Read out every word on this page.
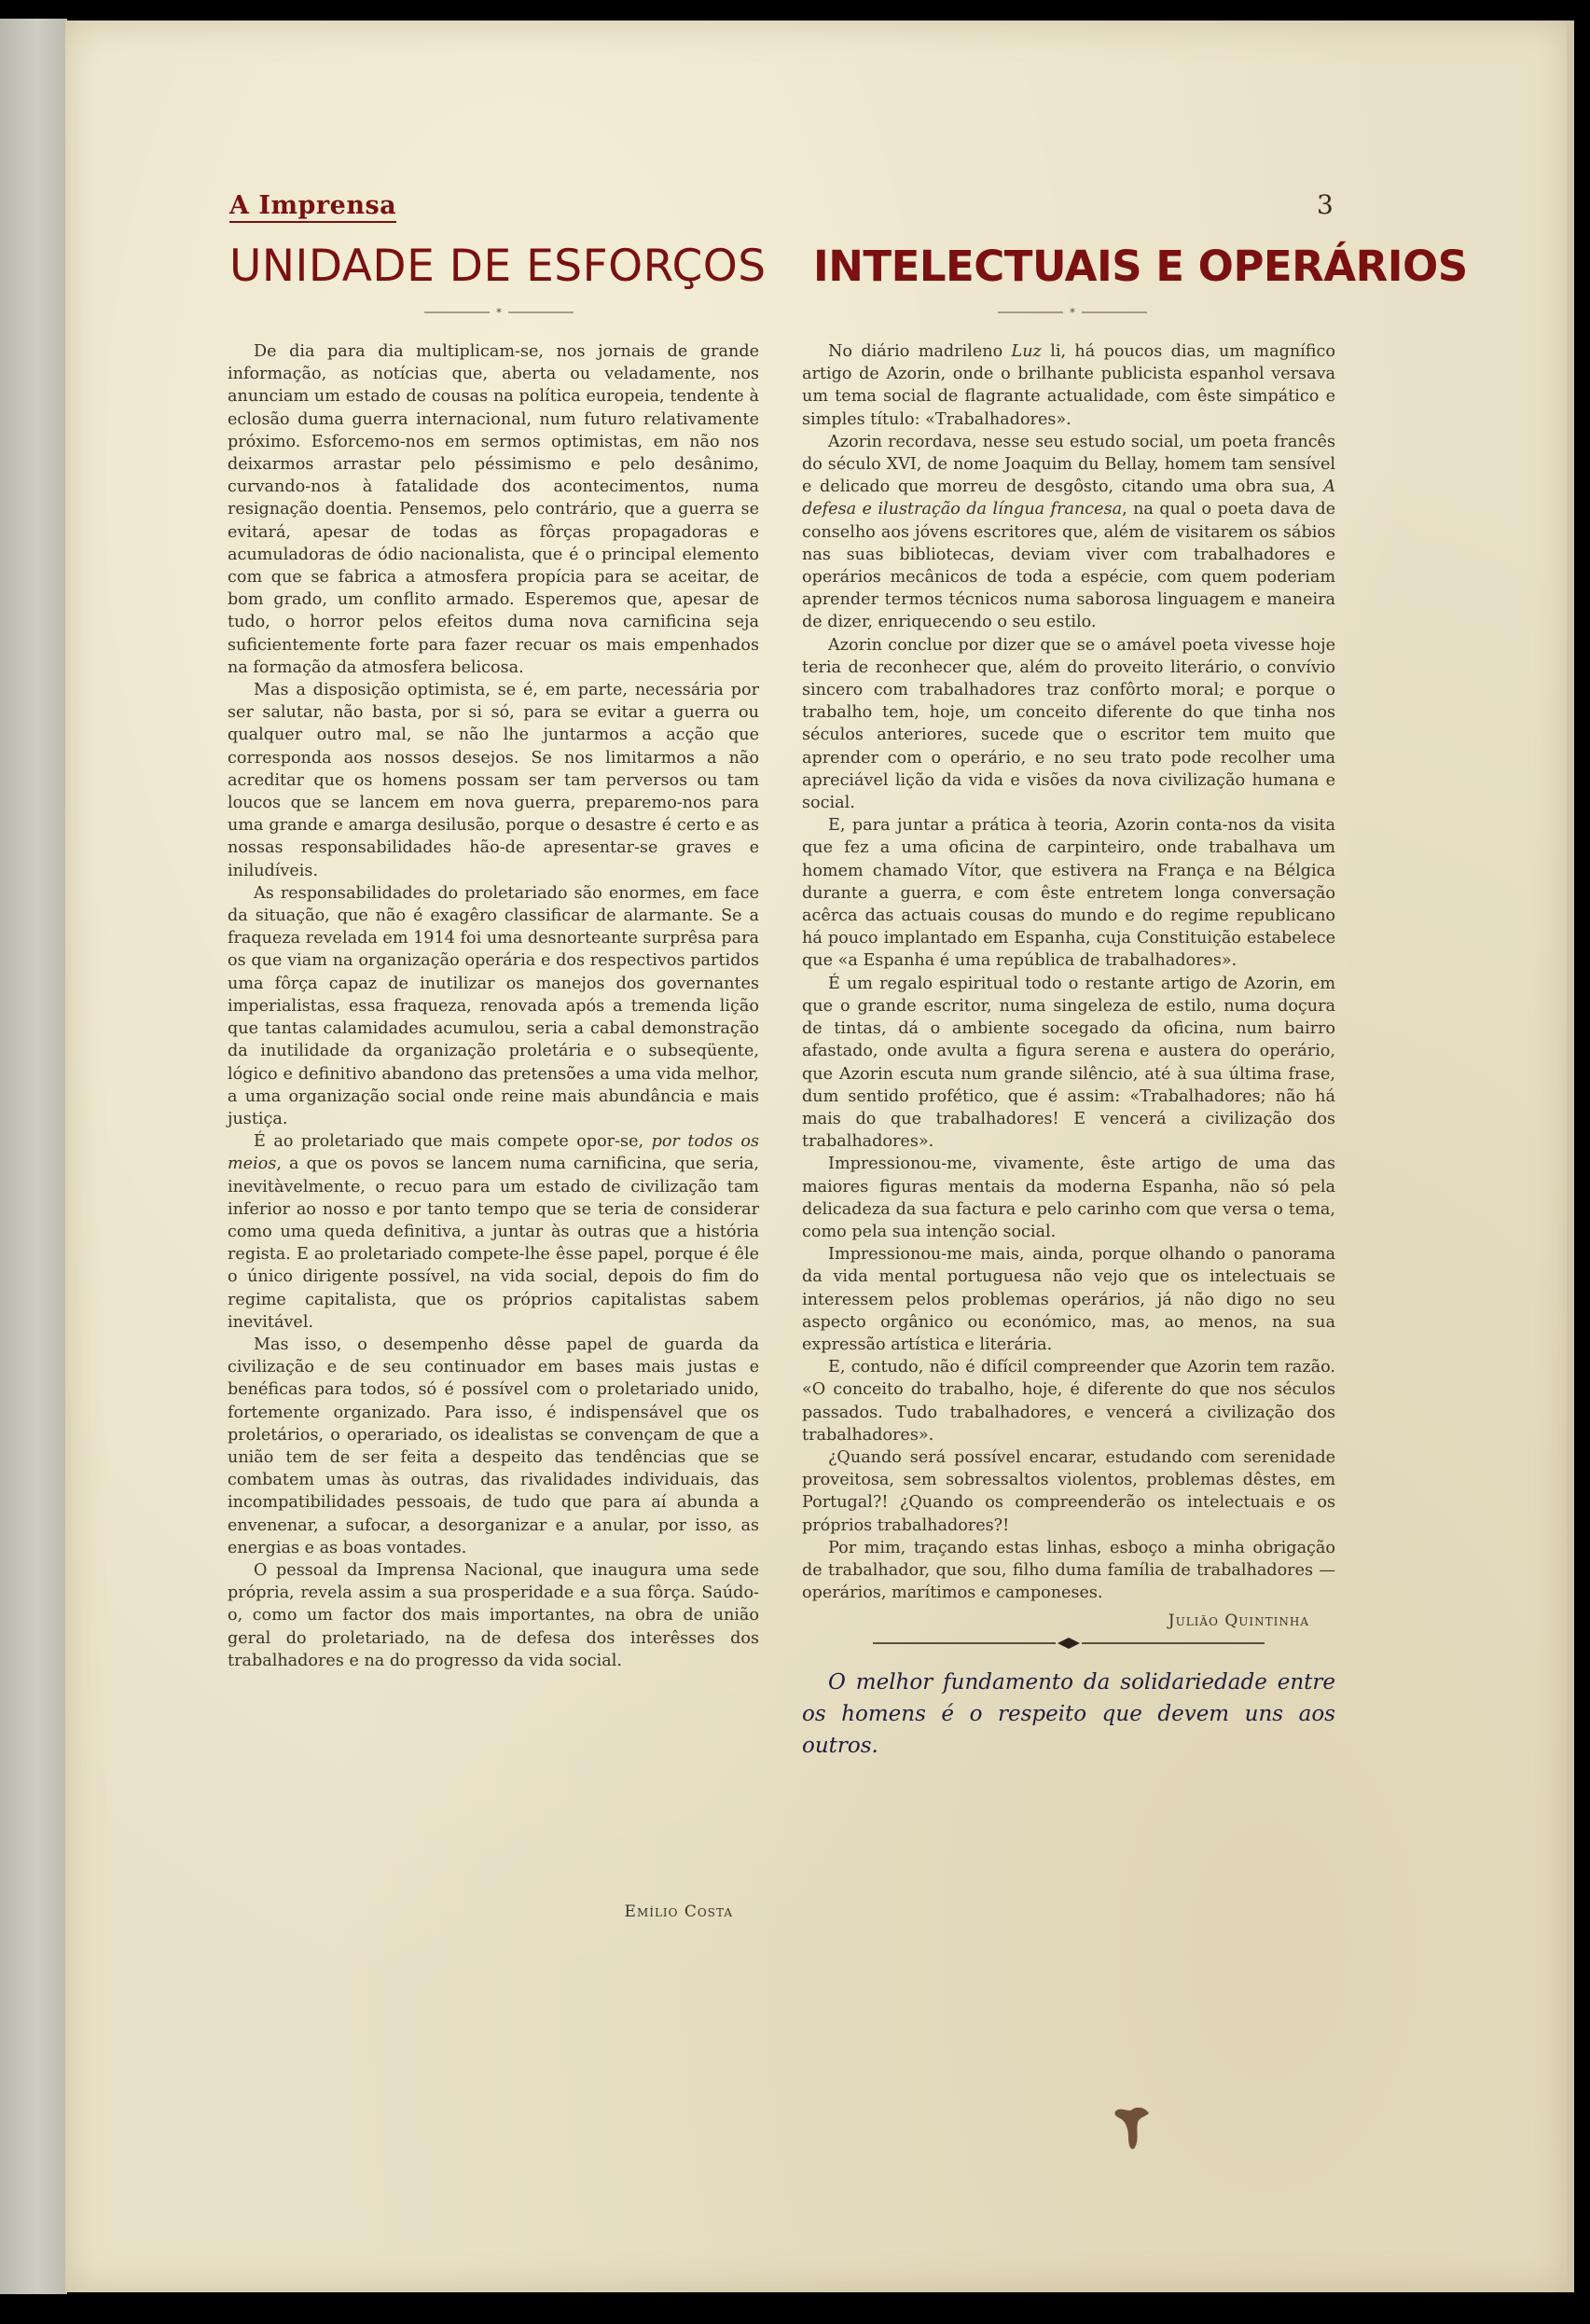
A Imprensa	3
UNIDADE DE ESFORÇOS INTELECTUAIS E OPERÁRIOS
*	*

De dia para dia multiplicam-se, nos jornais de grande informação, as notícias que, aberta ou veladamente, nos anunciam um estado de cousas na política europeia, tendente à eclosão duma guerra internacional, num futuro relativamente próximo. Esforcemo-nos em sermos optimistas, em não nos deixarmos arrastar pelo péssimismo e pelo desânimo, curvando-nos à fatalidade dos acontecimentos, numa resignação doentia. Pensemos, pelo contrário, que a guerra se evitará, apesar de todas as fôrças propagadoras e acumuladoras de ódio nacionalista, que é o principal elemento com que se fabrica a atmosfera propícia para se aceitar, de bom grado, um conflito armado. Esperemos que, apesar de tudo, o horror pelos efeitos duma nova carnificina seja suficientemente forte para fazer recuar os mais empenhados na formação da atmosfera belicosa.

Mas a disposição optimista, se é, em parte, necessária por ser salutar, não basta, por si só, para se evitar a guerra ou qualquer outro mal, se não lhe juntarmos a acção que corresponda aos nossos desejos. Se nos limitarmos a não acreditar que os homens possam ser tam perversos ou tam loucos que se lancem em nova guerra, preparemo-nos para uma grande e amarga desilusão, porque o desastre é certo e as nossas responsabilidades hão-de apresentar-se graves e iniludíveis.

As responsabilidades do proletariado são enormes, em face da situação, que não é exagêro classificar de alarmante. Se a fraqueza revelada em 1914 foi uma desnorteante surprêsa para os que viam na organização operária e dos respectivos partidos uma fôrça capaz de inutilizar os manejos dos governantes imperialistas, essa fraqueza, renovada após a tremenda lição que tantas calamidades acumulou, seria a cabal demonstração da inutilidade da organização proletária e o subseqüente, lógico e definitivo abandono das pretensões a uma vida melhor, a uma organização social onde reine mais abundância e mais justiça.

É ao proletariado que mais compete opor-se, por todos os meios, a que os povos se lancem numa carnificina, que seria, inevitàvelmente, o recuo para um estado de civilização tam inferior ao nosso e por tanto tempo que se teria de considerar como uma queda definitiva, a juntar às outras que a história regista. E ao proletariado compete-lhe êsse papel, porque é êle o único dirigente possível, na vida social, depois do fim do regime capitalista, que os próprios capitalistas sabem inevitável.

Mas isso, o desempenho dêsse papel de guarda da civilização e de seu continuador em bases mais justas e benéficas para todos, só é possível com o proletariado unido, fortemente organizado. Para isso, é indispensável que os proletários, o operariado, os idealistas se convençam de que a união tem de ser feita a despeito das tendências que se combatem umas às outras, das rivalidades individuais, das incompatibilidades pessoais, de tudo que para aí abunda a envenenar, a sufocar, a desorganizar e a anular, por isso, as energias e as boas vontades.

O pessoal da Imprensa Nacional, que inaugura uma sede própria, revela assim a sua prosperidade e a sua fôrça. Saúdo-o, como um factor dos mais importantes, na obra de união geral do proletariado, na de defesa dos interêsses dos trabalhadores e na do progresso da vida social.

Emílio Costa

No diário madrileno Luz li, há poucos dias, um magnífico artigo de Azorin, onde o brilhante publicista espanhol versava um tema social de flagrante actualidade, com êste simpático e simples título: «Trabalhadores».

Azorin recordava, nesse seu estudo social, um poeta francês do século XVI, de nome Joaquim du Bellay, homem tam sensível e delicado que morreu de desgôsto, citando uma obra sua, A defesa e ilustração da língua francesa, na qual o poeta dava de conselho aos jóvens escritores que, além de visitarem os sábios nas suas bibliotecas, deviam viver com trabalhadores e operários mecânicos de toda a espécie, com quem poderiam aprender termos técnicos numa saborosa linguagem e maneira de dizer, enriquecendo o seu estilo.

Azorin conclue por dizer que se o amável poeta vivesse hoje teria de reconhecer que, além do proveito literário, o convívio sincero com trabalhadores traz confôrto moral; e porque o trabalho tem, hoje, um conceito diferente do que tinha nos séculos anteriores, sucede que o escritor tem muito que aprender com o operário, e no seu trato pode recolher uma apreciável lição da vida e visões da nova civilização humana e social.

E, para juntar a prática à teoria, Azorin conta-nos da visita que fez a uma oficina de carpinteiro, onde trabalhava um homem chamado Vítor, que estivera na França e na Bélgica durante a guerra, e com êste entretem longa conversação acêrca das actuais cousas do mundo e do regime republicano há pouco implantado em Espanha, cuja Constituição estabelece que «a Espanha é uma república de trabalhadores».

É um regalo espiritual todo o restante artigo de Azorin, em que o grande escritor, numa singeleza de estilo, numa doçura de tintas, dá o ambiente socegado da oficina, num bairro afastado, onde avulta a figura serena e austera do operário, que Azorin escuta num grande silêncio, até à sua última frase, dum sentido profético, que é assim: «Trabalhadores; não há mais do que trabalhadores! E vencerá a civilização dos trabalhadores».

Impressionou-me, vivamente, êste artigo de uma das maiores figuras mentais da moderna Espanha, não só pela delicadeza da sua factura e pelo carinho com que versa o tema, como pela sua intenção social.

Impressionou-me mais, ainda, porque olhando o panorama da vida mental portuguesa não vejo que os intelectuais se interessem pelos problemas operários, já não digo no seu aspecto orgânico ou económico, mas, ao menos, na sua expressão artística e literária.

E, contudo, não é difícil compreender que Azorin tem razão. «O conceito do trabalho, hoje, é diferente do que nos séculos passados. Tudo trabalhadores, e vencerá a civilização dos trabalhadores».

¿Quando será possível encarar, estudando com serenidade proveitosa, sem sobressaltos violentos, problemas dêstes, em Portugal?! ¿Quando os compreenderão os intelectuais e os próprios trabalhadores?!

Por mim, traçando estas linhas, esboço a minha obrigação de trabalhador, que sou, filho duma família de trabalhadores — operários, marítimos e camponeses.

Julião Quintinha

O melhor fundamento da solidariedade entre os homens é o respeito que devem uns aos outros.
